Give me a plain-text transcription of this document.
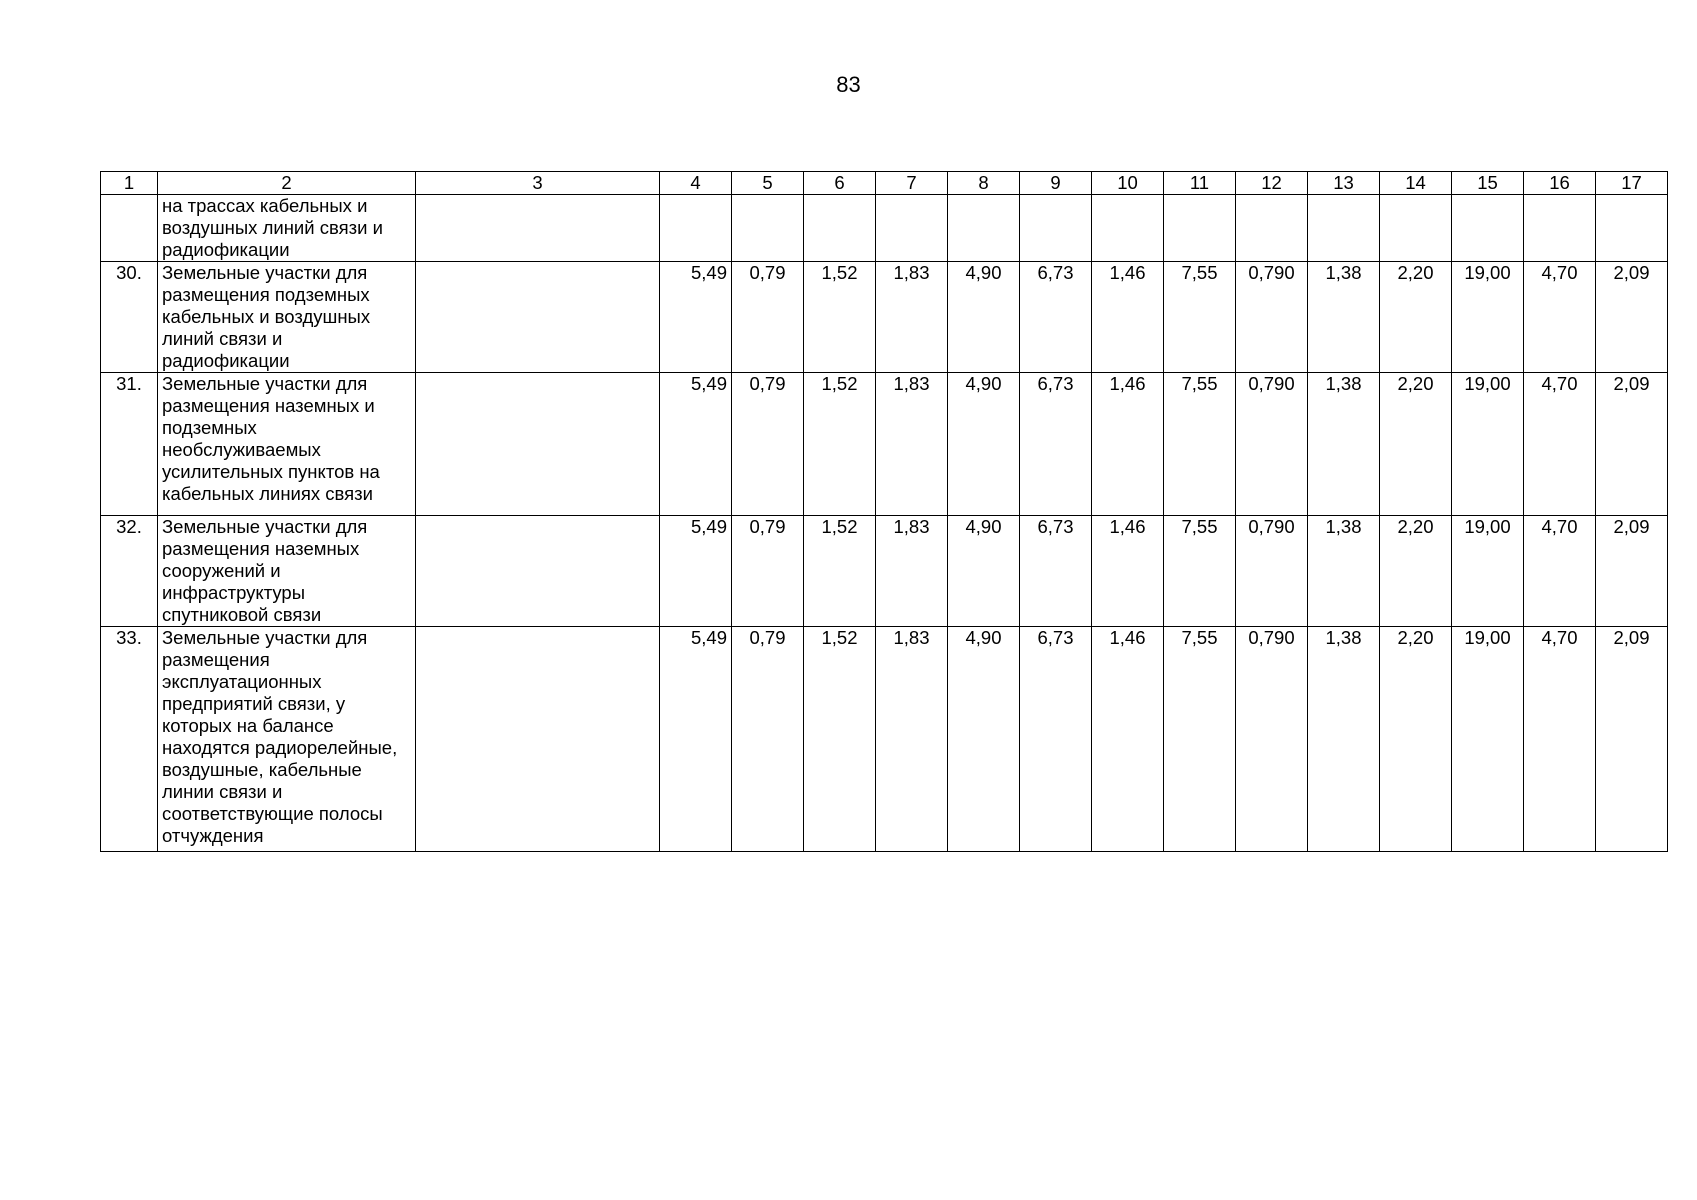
83
1	2	3	4	5	6	7	8	9	10	11	12	13	14	15	16	17
	на трассах кабельных и воздушных линий связи и радиофикации															
30.	Земельные участки для размещения подземных кабельных и воздушных линий связи и радиофикации		5,49	0,79	1,52	1,83	4,90	6,73	1,46	7,55	0,790	1,38	2,20	19,00	4,70	2,09
31.	Земельные участки для размещения наземных и подземных необслуживаемых усилительных пунктов на кабельных линиях связи		5,49	0,79	1,52	1,83	4,90	6,73	1,46	7,55	0,790	1,38	2,20	19,00	4,70	2,09
32.	Земельные участки для размещения наземных сооружений и инфраструктуры спутниковой связи		5,49	0,79	1,52	1,83	4,90	6,73	1,46	7,55	0,790	1,38	2,20	19,00	4,70	2,09
33.	Земельные участки для размещения эксплуатационных предприятий связи, у которых на балансе находятся радиорелейные, воздушные, кабельные линии связи и соответствующие полосы отчуждения		5,49	0,79	1,52	1,83	4,90	6,73	1,46	7,55	0,790	1,38	2,20	19,00	4,70	2,09
